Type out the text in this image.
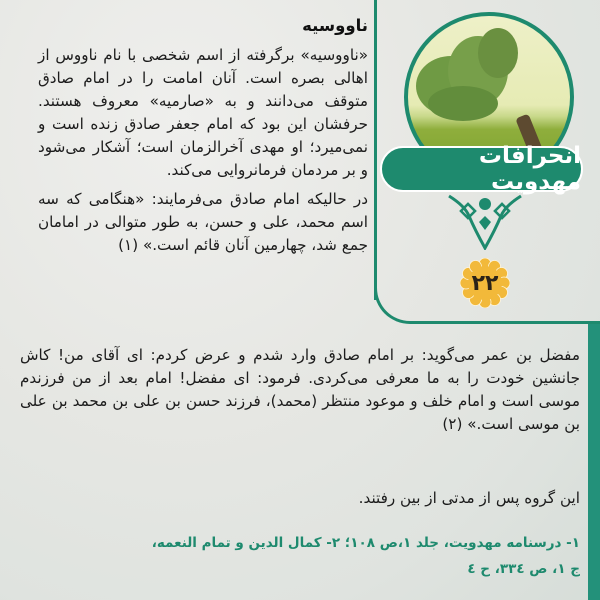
انحرافات مهدویت
۲۲
ناووسیه

«ناووسیه» برگرفته از اسم شخصی با نام ناووس از اهالی بصره است. آنان امامت را در امام صادق متوقف می‌دانند و به «صارمیه» معروف هستند. حرفشان این بود که امام جعفر صادق زنده است و نمی‌میرد؛ او مهدی آخرالزمان است؛ آشکار می‌شود و بر مردمان فرمانروایی می‌کند.

در حالیکه امام صادق می‌فرمایند: «هنگامی که سه اسم محمد، علی و حسن، به طور متوالی در امامان جمع شد، چهارمین آنان قائم است.» (۱)

مفضل بن عمر می‌گوید: بر امام صادق وارد شدم و عرض کردم: ای آقای من! کاش جانشین خودت را به ما معرفی می‌کردی. فرمود: ای مفضل! امام بعد از من فرزندم موسی است و امام خلف و موعود منتظر (محمد)، فرزند حسن بن علی بن محمد بن علی بن موسی است.» (۲)
این گروه پس از مدتی از بین رفتند.
۱- درسنامه مهدویت، جلد ۱،ص ۱۰۸؛ ۲- کمال الدین و تمام النعمه،
ج ۱، ص ۳۳٤، ح ٤
